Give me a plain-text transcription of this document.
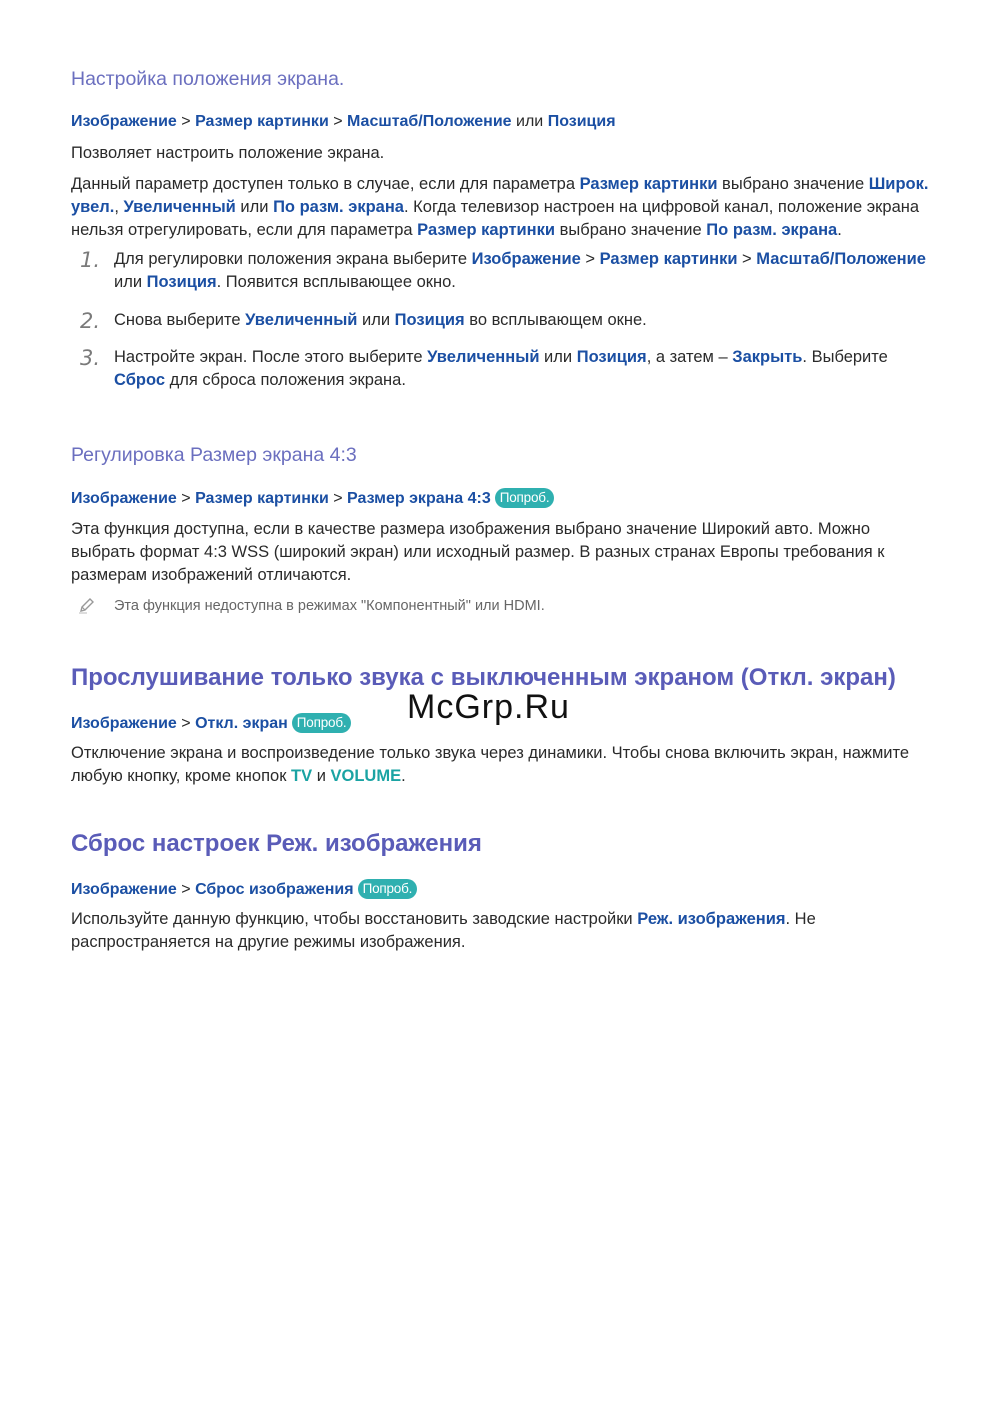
Настройка положения экрана.

Изображение > Размер картинки > Масштаб/Положение или Позиция

Позволяет настроить положение экрана.

Данный параметр доступен только в случае, если для параметра Размер картинки выбрано значение Широк. увел., Увеличенный или По разм. экрана. Когда телевизор настроен на цифровой канал, положение экрана нельзя отрегулировать, если для параметра Размер картинки выбрано значение По разм. экрана.

1. Для регулировки положения экрана выберите Изображение > Размер картинки > Масштаб/Положение или Позиция. Появится всплывающее окно.

2. Снова выберите Увеличенный или Позиция во всплывающем окне.

3. Настройте экран. После этого выберите Увеличенный или Позиция, а затем – Закрыть. Выберите Сброс для сброса положения экрана.

Регулировка Размер экрана 4:3

Изображение > Размер картинки > Размер экрана 4:3 Попроб.

Эта функция доступна, если в качестве размера изображения выбрано значение Широкий авто. Можно выбрать формат 4:3 WSS (широкий экран) или исходный размер. В разных странах Европы требования к размерам изображений отличаются.

Эта функция недоступна в режимах "Компонентный" или HDMI.

Прослушивание только звука с выключенным экраном (Откл. экран)

Изображение > Откл. экран Попроб.

Отключение экрана и воспроизведение только звука через динамики. Чтобы снова включить экран, нажмите любую кнопку, кроме кнопок TV и VOLUME.

Сброс настроек Реж. изображения

Изображение > Сброс изображения Попроб.

Используйте данную функцию, чтобы восстановить заводские настройки Реж. изображения. Не распространяется на другие режимы изображения.

McGrp.Ru
